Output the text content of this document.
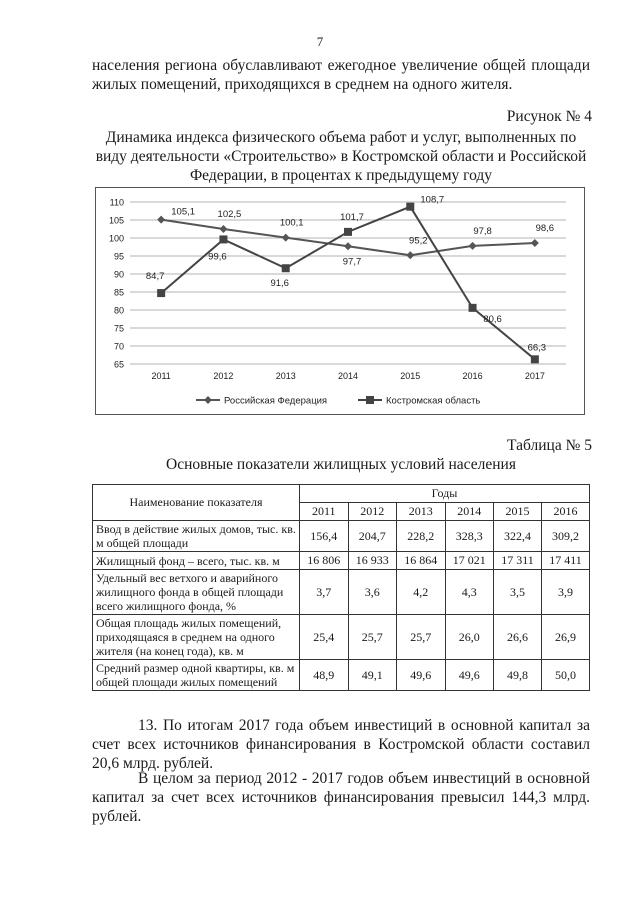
7

населения региона обуславливают ежегодное увеличение общей площади жилых помещений, приходящихся в среднем на одного жителя.

Рисунок № 4
Динамика индекса физического объема работ и услуг, выполненных по виду деятельности «Строительство» в Костромской области и Российской Федерации, в процентах к предыдущему году
65
70
75
80
85
90
95
100
105
110
2011	2012	2013	2014	2015	2016	2017
105,1 102,5
100,1
97,7
95,2
97,8	98,6
84,7
99,6
91,6
101,7
108,7
80,6
66,3
Российская Федерация	Костромская область
Таблица № 5
Основные показатели жилищных условий населения
Наименование показателя	Годы					
	2011	2012	2013	2014	2015	2016
Ввод в действие жилых домов, тыс. кв. м общей площади	156,4	204,7	228,2	328,3	322,4	309,2
Жилищный фонд – всего, тыс. кв. м	16 806	16 933	16 864	17 021	17 311	17 411
Удельный вес ветхого и аварийного жилищного фонда в общей площади всего жилищного фонда, %	3,7	3,6	4,2	4,3	3,5	3,9
Общая площадь жилых помещений, приходящаяся в среднем на одного жителя (на конец года), кв. м	25,4	25,7	25,7	26,0	26,6	26,9
Средний размер одной квартиры, кв. м общей площади жилых помещений	48,9	49,1	49,6	49,6	49,8	50,0

13. По итогам 2017 года объем инвестиций в основной капитал за счет всех источников финансирования в Костромской области составил 20,6 млрд. рублей.

В целом за период 2012 - 2017 годов объем инвестиций в основной капитал за счет всех источников финансирования превысил 144,3 млрд. рублей.
